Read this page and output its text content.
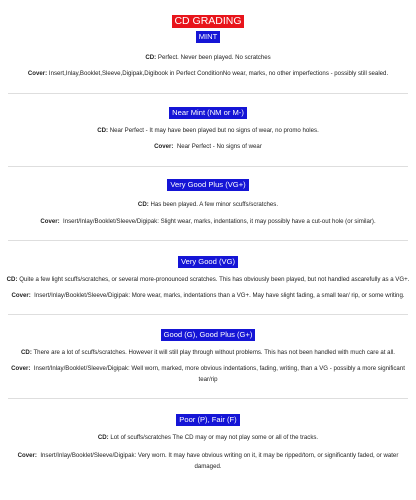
CD GRADING
MINT

CD: Perfect. Never been played. No scratches

Cover: Insert,Inlay,Booklet,Sleeve,Digipak,Digibook in Perfect ConditionNo wear, marks, no other imperfections - possibly still sealed.

Near Mint (NM or M-)

CD: Near Perfect - It may have been played but no signs of wear, no promo holes.

Cover: Near Perfect - No signs of wear

Very Good Plus (VG+)

CD: Has been played. A few minor scuffs/scratches.

Cover: Insert/Inlay/Booklet/Sleeve/Digipak: Slight wear, marks, indentations, it may possibly have a cut-out hole (or similar).

Very Good (VG)

CD: Quite a few light scuffs/scratches, or several more-pronounced scratches. This has obviously been played, but not handled ascarefully as a VG+.

Cover: Insert/Inlay/Booklet/Sleeve/Digipak: More wear, marks, indentations than a VG+. May have slight fading, a small tear/ rip, or some writing.

Good (G), Good Plus (G+)

CD: There are a lot of scuffs/scratches. However it will still play through without problems. This has not been handled with much care at all.

Cover: Insert/Inlay/Booklet/Sleeve/Digipak: Well worn, marked, more obvious indentations, fading, writing, than a VG - possibly a more significant tear/rip

Poor (P), Fair (F)

CD: Lot of scuffs/scratches The CD may or may not play some or all of the tracks.

Cover: Insert/Inlay/Booklet/Sleeve/Digipak: Very worn. It may have obvious writing on it, it may be ripped/torn, or significantly faded, or water damaged.
